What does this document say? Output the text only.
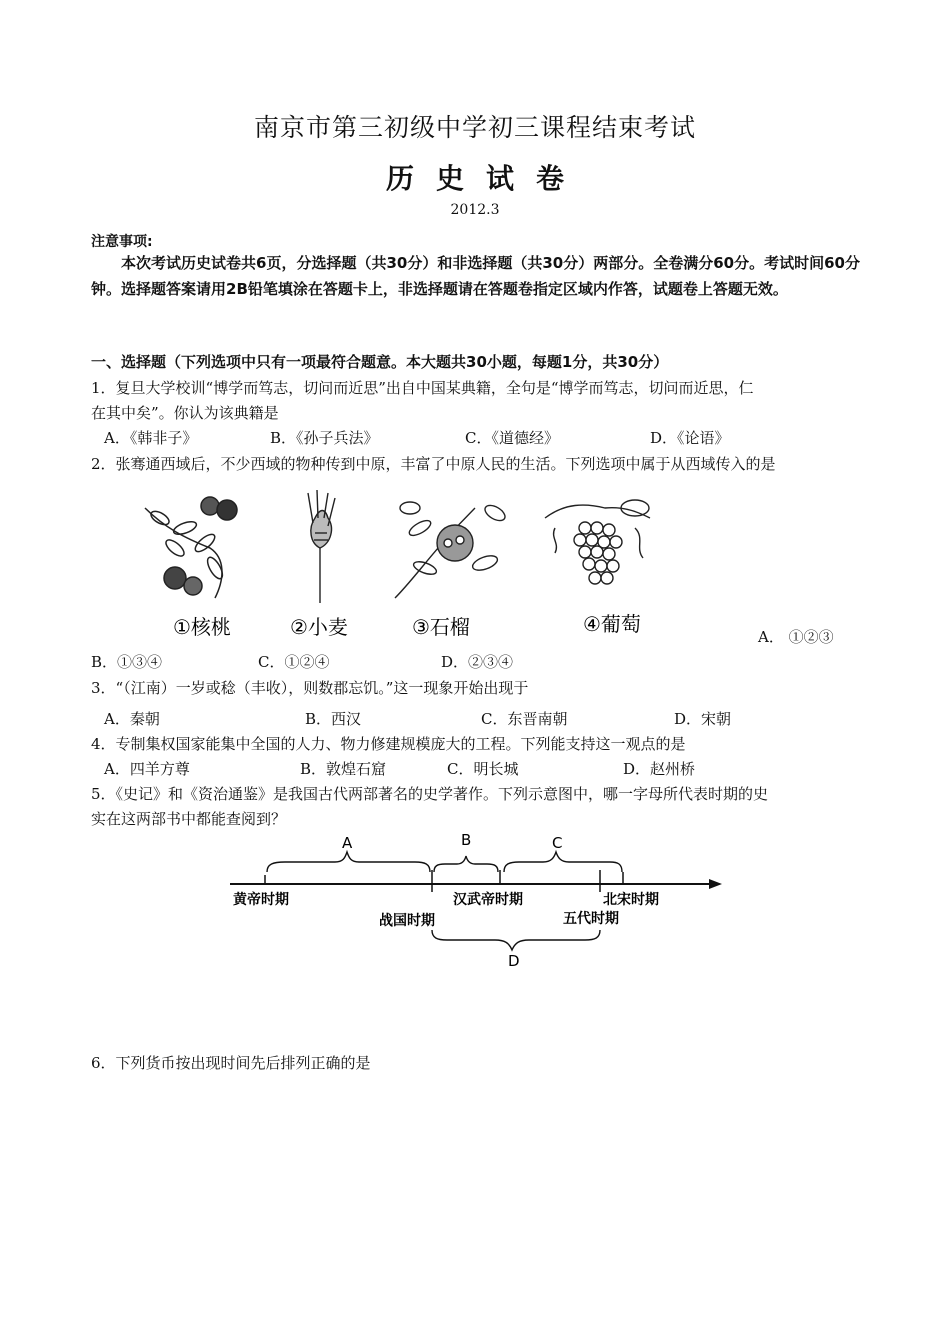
南京市第三初级中学初三课程结束考试
历史试卷
2012.3
注意事项:
本次考试历史试卷共6页，分选择题（共30分）和非选择题（共30分）两部分。全卷满分60分。考试时间60分钟。选择题答案请用2B铅笔填涂在答题卡上，非选择题请在答题卷指定区域内作答，试题卷上答题无效。
一、选择题（下列选项中只有一项最符合题意。本大题共30小题，每题1分，共30分）
1．复旦大学校训“博学而笃志，切问而近思”出自中国某典籍，全句是“博学而笃志，切问而近思，仁
在其中矣”。你认为该典籍是
A．《韩非子》	B．《孙子兵法》	C．《道德经》	D．《论语》
2．张骞通西域后，不少西域的物种传到中原，丰富了中原人民的生活。下列选项中属于从西域传入的是
①核桃	②小麦	③石榴	④葡萄
A． ①②③
B．①③④	C．①②④	D．②③④
3．“（江南）一岁或稔（丰收），则数郡忘饥。”这一现象开始出现于
A．秦朝	B．西汉	C．东晋南朝	D．宋朝
4．专制集权国家能集中全国的人力、物力修建规模庞大的工程。下列能支持这一观点的是
A．四羊方尊	B．敦煌石窟	C．明长城	D．赵州桥
5．《史记》和《资治通鉴》是我国古代两部著名的史学著作。下列示意图中，哪一字母所代表时期的史
实在这两部书中都能查阅到？
A	B	C
D
黄帝时期	汉武帝时期	北宋时期
战国时期	五代时期
6．下列货币按出现时间先后排列正确的是
